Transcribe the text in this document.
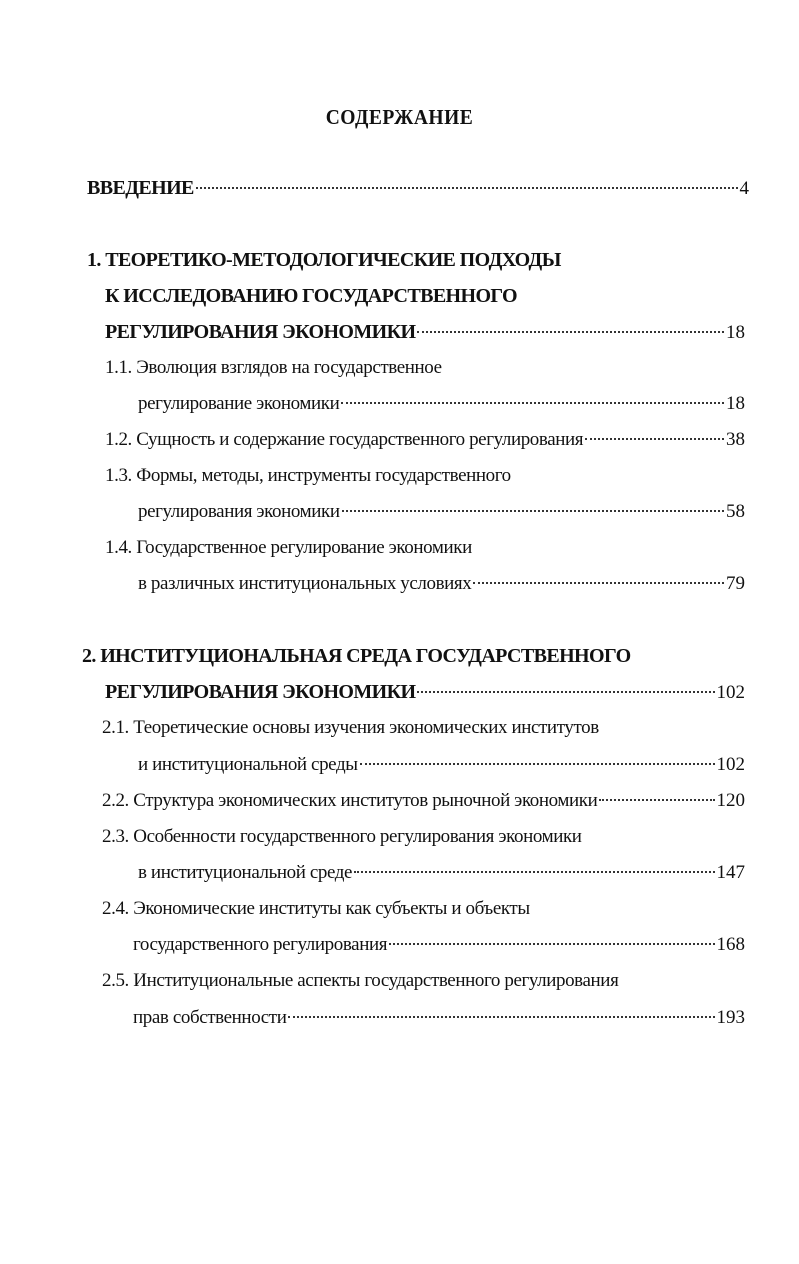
СОДЕРЖАНИЕ
ВВЕДЕНИЕ	4
1. ТЕОРЕТИКО-МЕТОДОЛОГИЧЕСКИЕ ПОДХОДЫ
К ИССЛЕДОВАНИЮ ГОСУДАРСТВЕННОГО
РЕГУЛИРОВАНИЯ ЭКОНОМИКИ	18
1.1. Эволюция взглядов на государственное
регулирование экономики	18
1.2. Сущность и содержание государственного регулирования	38
1.3. Формы, методы, инструменты государственного
регулирования экономики	58
1.4. Государственное регулирование экономики
в различных институциональных условиях	79
2. ИНСТИТУЦИОНАЛЬНАЯ СРЕДА ГОСУДАРСТВЕННОГО
РЕГУЛИРОВАНИЯ ЭКОНОМИКИ	102
2.1. Теоретические основы изучения экономических институтов
и институциональной среды	102
2.2. Структура экономических институтов рыночной экономики	120
2.3. Особенности государственного регулирования экономики
в институциональной среде	147
2.4. Экономические институты как субъекты и объекты
государственного регулирования	168
2.5. Институциональные аспекты государственного регулирования
прав собственности	193
